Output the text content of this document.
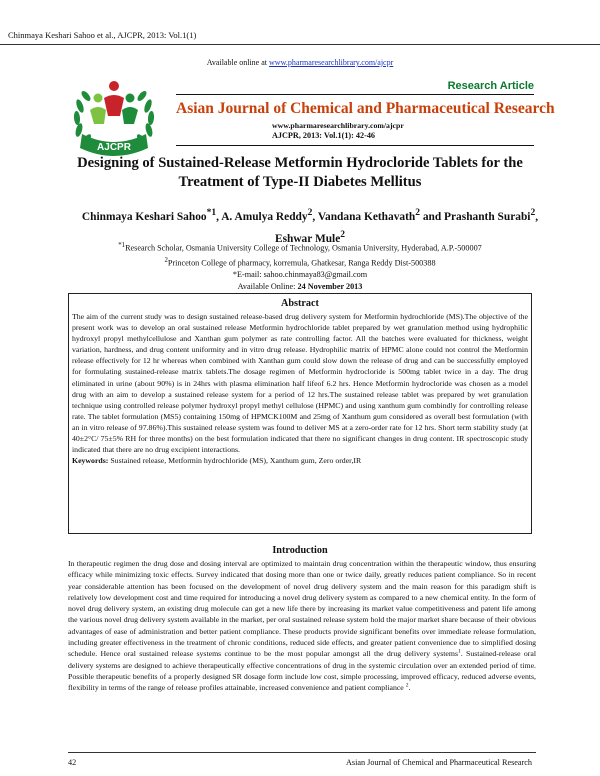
Chinmaya Keshari Sahoo et al., AJCPR, 2013: Vol.1(1)
Available online at www.pharmaresearchlibrary.com/ajcpr
Research Article
AJCPR
Asian Journal of Chemical and Pharmaceutical Research
www.pharmaresearchlibrary.com/ajcpr
AJCPR, 2013: Vol.1(1): 42-46
Designing of Sustained-Release Metformin Hydrocloride Tablets for the Treatment of Type-II Diabetes Mellitus
Chinmaya Keshari Sahoo$^{*1}$, A. Amulya Reddy$^2$, Vandana Kethavath$^2$ and Prashanth Surabi$^2$, Eshwar Mule$^2$
$^{*1}$Research Scholar, Osmania University College of Technology, Osmania University, Hyderabad, A.P.-500007
$^2$Princeton College of pharmacy, korremula, Ghatkesar, Ranga Reddy Dist-500388
*E-mail: sahoo.chinmaya83@gmail.com
Available Online: 24 November 2013
Abstract
The aim of the current study was to design sustained release-based drug delivery system for Metformin hydrochloride (MS).The objective of the present work was to develop an oral sustained release Metformin hydrochloride tablet prepared by wet granulation method using hydrophilic hydroxyl propyl methylcellulose and Xanthan gum polymer as rate controlling factor. All the batches were evaluated for thickness, weight variation, hardness, and drug content uniformity and in vitro drug release. Hydrophilic matrix of HPMC alone could not control the Metformin release effectively for 12 hr whereas when combined with Xanthan gum could slow down the release of drug and can be successfully employed for formulating sustained-release matrix tablets.The dosage regimen of Metformin hydrocloride is 500mg tablet twice in a day. The drug eliminated in urine (about 90%) is in 24hrs with plasma elimination half lifeof 6.2 hrs. Hence Metformin hydrocloride was chosen as a model drug with an aim to develop a sustained release system for a period of 12 hrs.The sustained release tablet was prepared by wet granulation technique using controlled release polymer hydroxyl propyl methyl cellulose (HPMC) and using xanthum gum combindly for controlling release rate. The tablet formulation (MS5) containing 150mg of HPMCK100M and 25mg of Xanthum gum considered as overall best formulation (with an in vitro release of 97.86%).This sustained release system was found to deliver MS at a zero-order rate for 12 hrs. Short term stability study (at 40±2°C/ 75±5% RH for three months) on the best formulation indicated that there no significant changes in drug content. IR spectroscopic study indicated that there are no drug excipient interactions.
Keywords: Sustained release, Metformin hydrochloride (MS), Xanthum gum, Zero order,IR
Introduction
In therapeutic regimen the drug dose and dosing interval are optimized to maintain drug concentration within the therapeutic window, thus ensuring efficacy while minimizing toxic effects. Survey indicated that dosing more than one or twice daily, greatly reduces patient compliance. So in recent year considerable attention has been focused on the development of novel drug delivery system and the main reason for this paradigm shift is relatively low development cost and time required for introducing a novel drug delivery system as compared to a new chemical entity. In the form of novel drug delivery system, an existing drug molecule can get a new life there by increasing its market value competitiveness and patent life among the various novel drug delivery system available in the market, per oral sustained release system hold the major market share because of their obvious advantages of ease of administration and better patient compliance. These products provide significant benefits over immediate release formulation, including greater effectiveness in the treatment of chronic conditions, reduced side effects, and greater patient convenience due to simplified dosing schedule. Hence oral sustained release systems continue to be the most popular amongst all the drug delivery systems$^1$. Sustained-release oral delivery systems are designed to achieve therapeutically effective concentrations of drug in the systemic circulation over an extended period of time. Possible therapeutic benefits of a properly designed SR dosage form include low cost, simple processing, improved efficacy, reduced adverse events, flexibility in terms of the range of release profiles attainable, increased convenience and patient compliance $^2$.
42	Asian Journal of Chemical and Pharmaceutical Research
